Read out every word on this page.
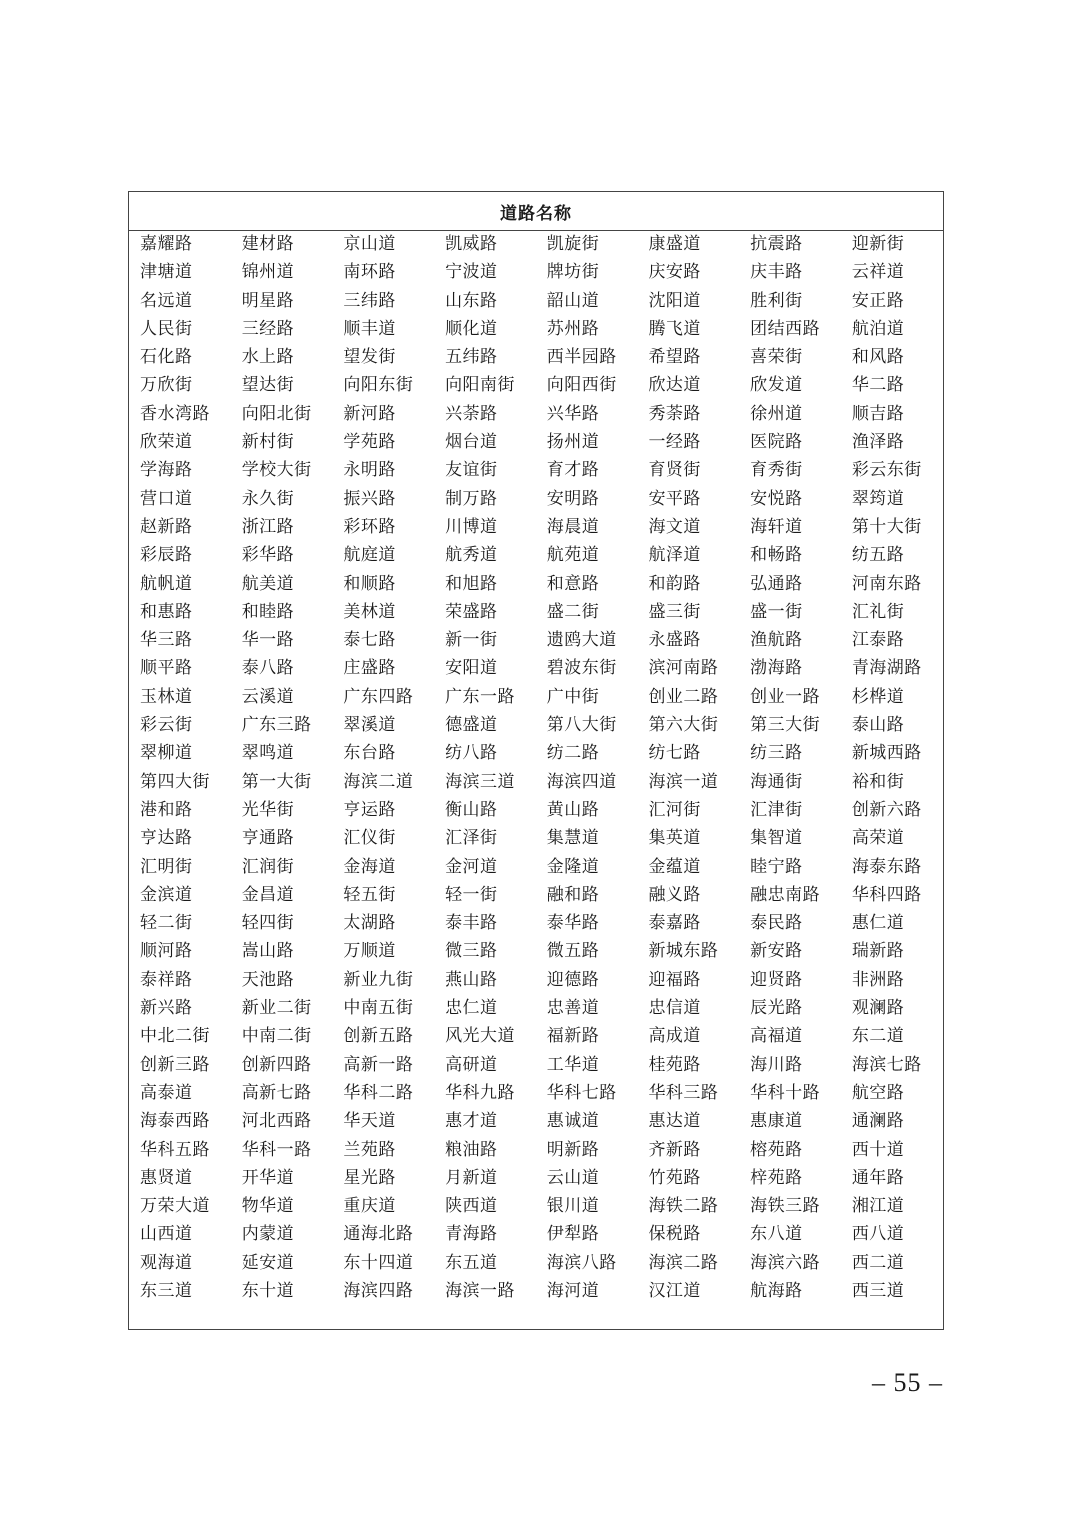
道路名称
嘉耀路	建材路	京山道	凯威路	凯旋街	康盛道	抗震路	迎新街
津塘道	锦州道	南环路	宁波道	牌坊街	庆安路	庆丰路	云祥道
名远道	明星路	三纬路	山东路	韶山道	沈阳道	胜利街	安正路
人民街	三经路	顺丰道	顺化道	苏州路	腾飞道	团结西路	航泊道
石化路	水上路	望发街	五纬路	西半园路	希望路	喜荣街	和风路
万欣街	望达街	向阳东街	向阳南街	向阳西街	欣达道	欣发道	华二路
香水湾路	向阳北街	新河路	兴荼路	兴华路	秀荼路	徐州道	顺吉路
欣荣道	新村街	学苑路	烟台道	扬州道	一经路	医院路	渔泽路
学海路	学校大街	永明路	友谊街	育才路	育贤街	育秀街	彩云东街
营口道	永久街	振兴路	制万路	安明路	安平路	安悦路	翠筠道
赵新路	浙江路	彩环路	川博道	海晨道	海文道	海轩道	第十大街
彩辰路	彩华路	航庭道	航秀道	航苑道	航泽道	和畅路	纺五路
航帆道	航美道	和顺路	和旭路	和意路	和韵路	弘通路	河南东路
和惠路	和睦路	美林道	荣盛路	盛二街	盛三街	盛一街	汇礼街
华三路	华一路	泰七路	新一街	遗鸥大道	永盛路	渔航路	江泰路
顺平路	泰八路	庄盛路	安阳道	碧波东街	滨河南路	渤海路	青海湖路
玉林道	云溪道	广东四路	广东一路	广中街	创业二路	创业一路	杉桦道
彩云街	广东三路	翠溪道	德盛道	第八大街	第六大街	第三大街	泰山路
翠柳道	翠鸣道	东台路	纺八路	纺二路	纺七路	纺三路	新城西路
第四大街	第一大街	海滨二道	海滨三道	海滨四道	海滨一道	海通街	裕和街
港和路	光华街	亨运路	衡山路	黄山路	汇河街	汇津街	创新六路
亨达路	亨通路	汇仪街	汇泽街	集慧道	集英道	集智道	高荣道
汇明街	汇润街	金海道	金河道	金隆道	金蕴道	睦宁路	海泰东路
金滨道	金昌道	轻五街	轻一街	融和路	融义路	融忠南路	华科四路
轻二街	轻四街	太湖路	泰丰路	泰华路	泰嘉路	泰民路	惠仁道
顺河路	嵩山路	万顺道	微三路	微五路	新城东路	新安路	瑞新路
泰祥路	天池路	新业九街	燕山路	迎德路	迎福路	迎贤路	非洲路
新兴路	新业二街	中南五街	忠仁道	忠善道	忠信道	辰光路	观澜路
中北二街	中南二街	创新五路	风光大道	福新路	高成道	高福道	东二道
创新三路	创新四路	高新一路	高研道	工华道	桂苑路	海川路	海滨七路
高泰道	高新七路	华科二路	华科九路	华科七路	华科三路	华科十路	航空路
海泰西路	河北西路	华天道	惠才道	惠诚道	惠达道	惠康道	通澜路
华科五路	华科一路	兰苑路	粮油路	明新路	齐新路	榕苑路	西十道
惠贤道	开华道	星光路	月新道	云山道	竹苑路	梓苑路	通年路
万荣大道	物华道	重庆道	陕西道	银川道	海铁二路	海铁三路	湘江道
山西道	内蒙道	通海北路	青海路	伊犁路	保税路	东八道	西八道
观海道	延安道	东十四道	东五道	海滨八路	海滨二路	海滨六路	西二道
东三道	东十道	海滨四路	海滨一路	海河道	汉江道	航海路	西三道
– 55 –
